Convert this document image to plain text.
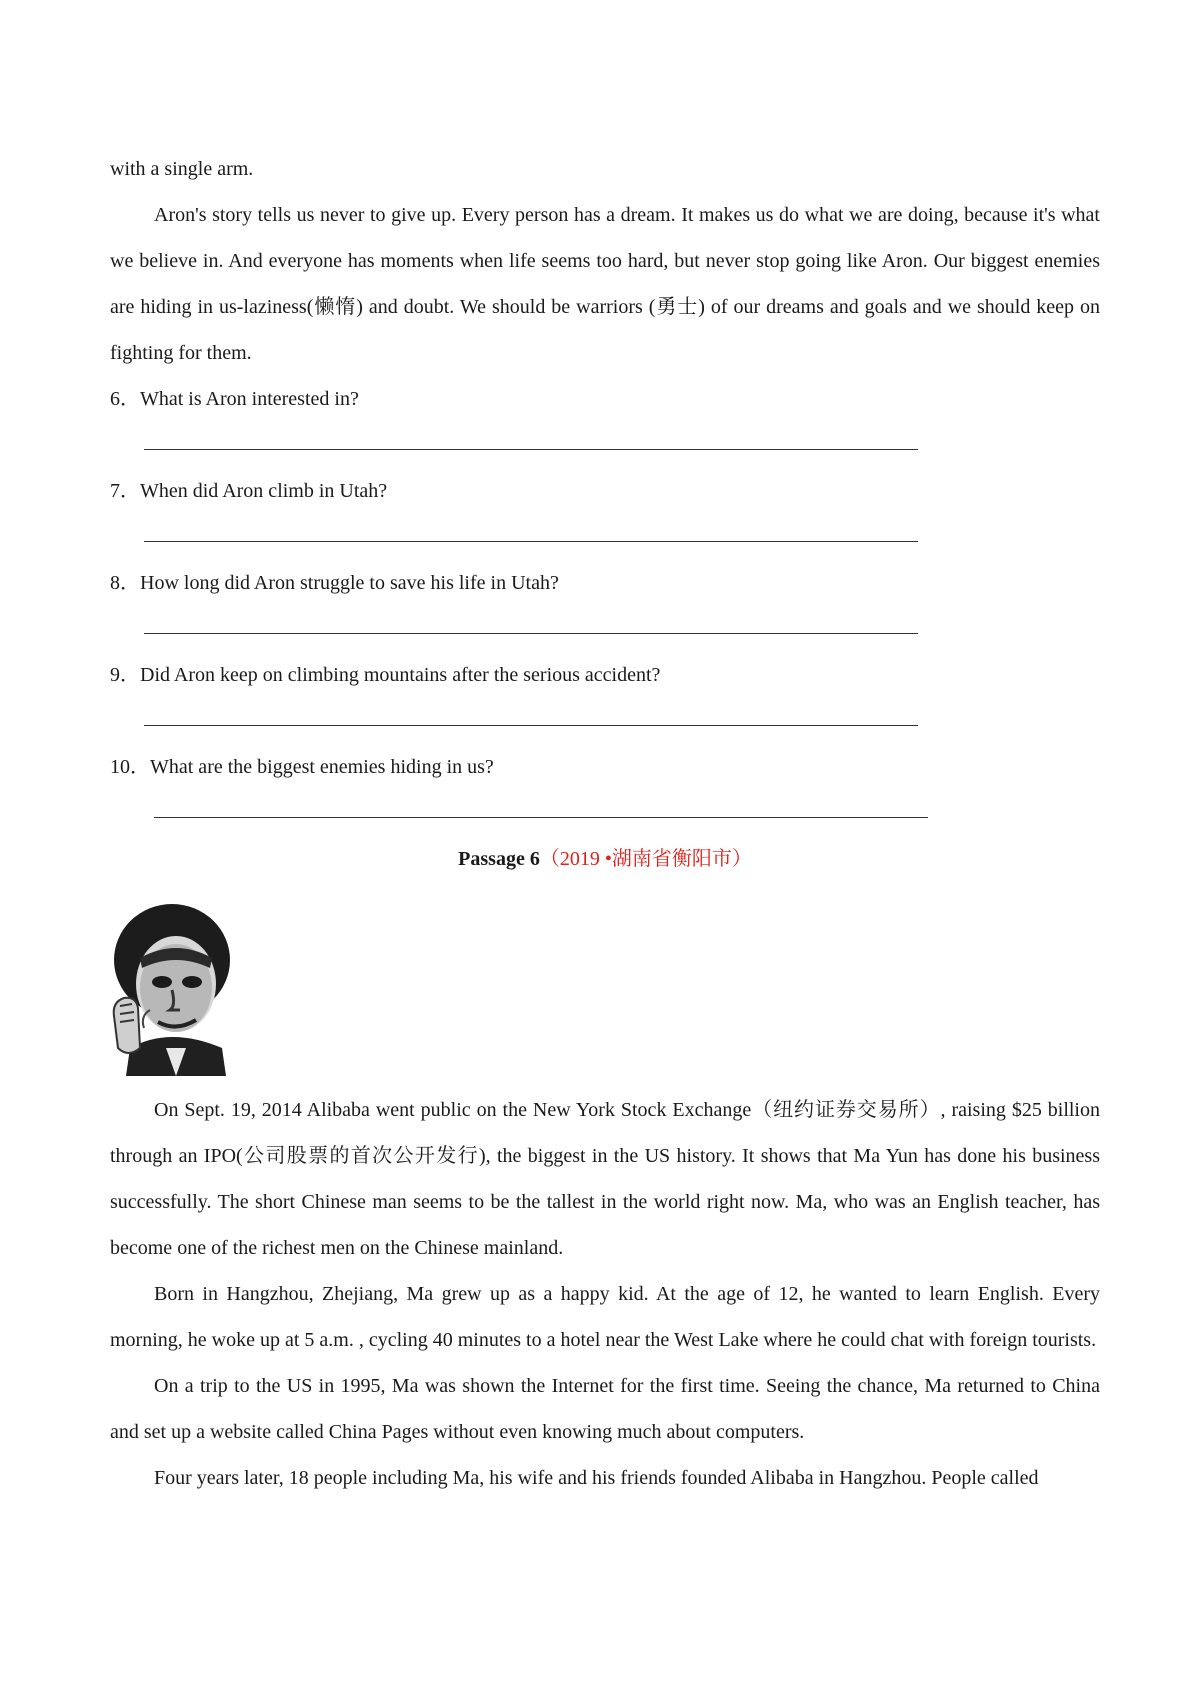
with a single arm.

Aron's story tells us never to give up. Every person has a dream. It makes us do what we are doing, because it's what we believe in. And everyone has moments when life seems too hard, but never stop going like Aron. Our biggest enemies are hiding in us-laziness(懒惰) and doubt. We should be warriors (勇士) of our dreams and goals and we should keep on fighting for them.

6．What is Aron interested in?

7．When did Aron climb in Utah?

8．How long did Aron struggle to save his life in Utah?

9．Did Aron keep on climbing mountains after the serious accident?

10．What are the biggest enemies hiding in us?

Passage 6（2019 •湖南省衡阳市）

On Sept. 19, 2014 Alibaba went public on the New York Stock Exchange（纽约证券交易所）, raising $25 billion through an IPO(公司股票的首次公开发行), the biggest in the US history. It shows that Ma Yun has done his business successfully. The short Chinese man seems to be the tallest in the world right now. Ma, who was an English teacher, has become one of the richest men on the Chinese mainland.

Born in Hangzhou, Zhejiang, Ma grew up as a happy kid. At the age of 12, he wanted to learn English. Every morning, he woke up at 5 a.m. , cycling 40 minutes to a hotel near the West Lake where he could chat with foreign tourists.

On a trip to the US in 1995, Ma was shown the Internet for the first time. Seeing the chance, Ma returned to China and set up a website called China Pages without even knowing much about computers.

Four years later, 18 people including Ma, his wife and his friends founded Alibaba in Hangzhou. People called
